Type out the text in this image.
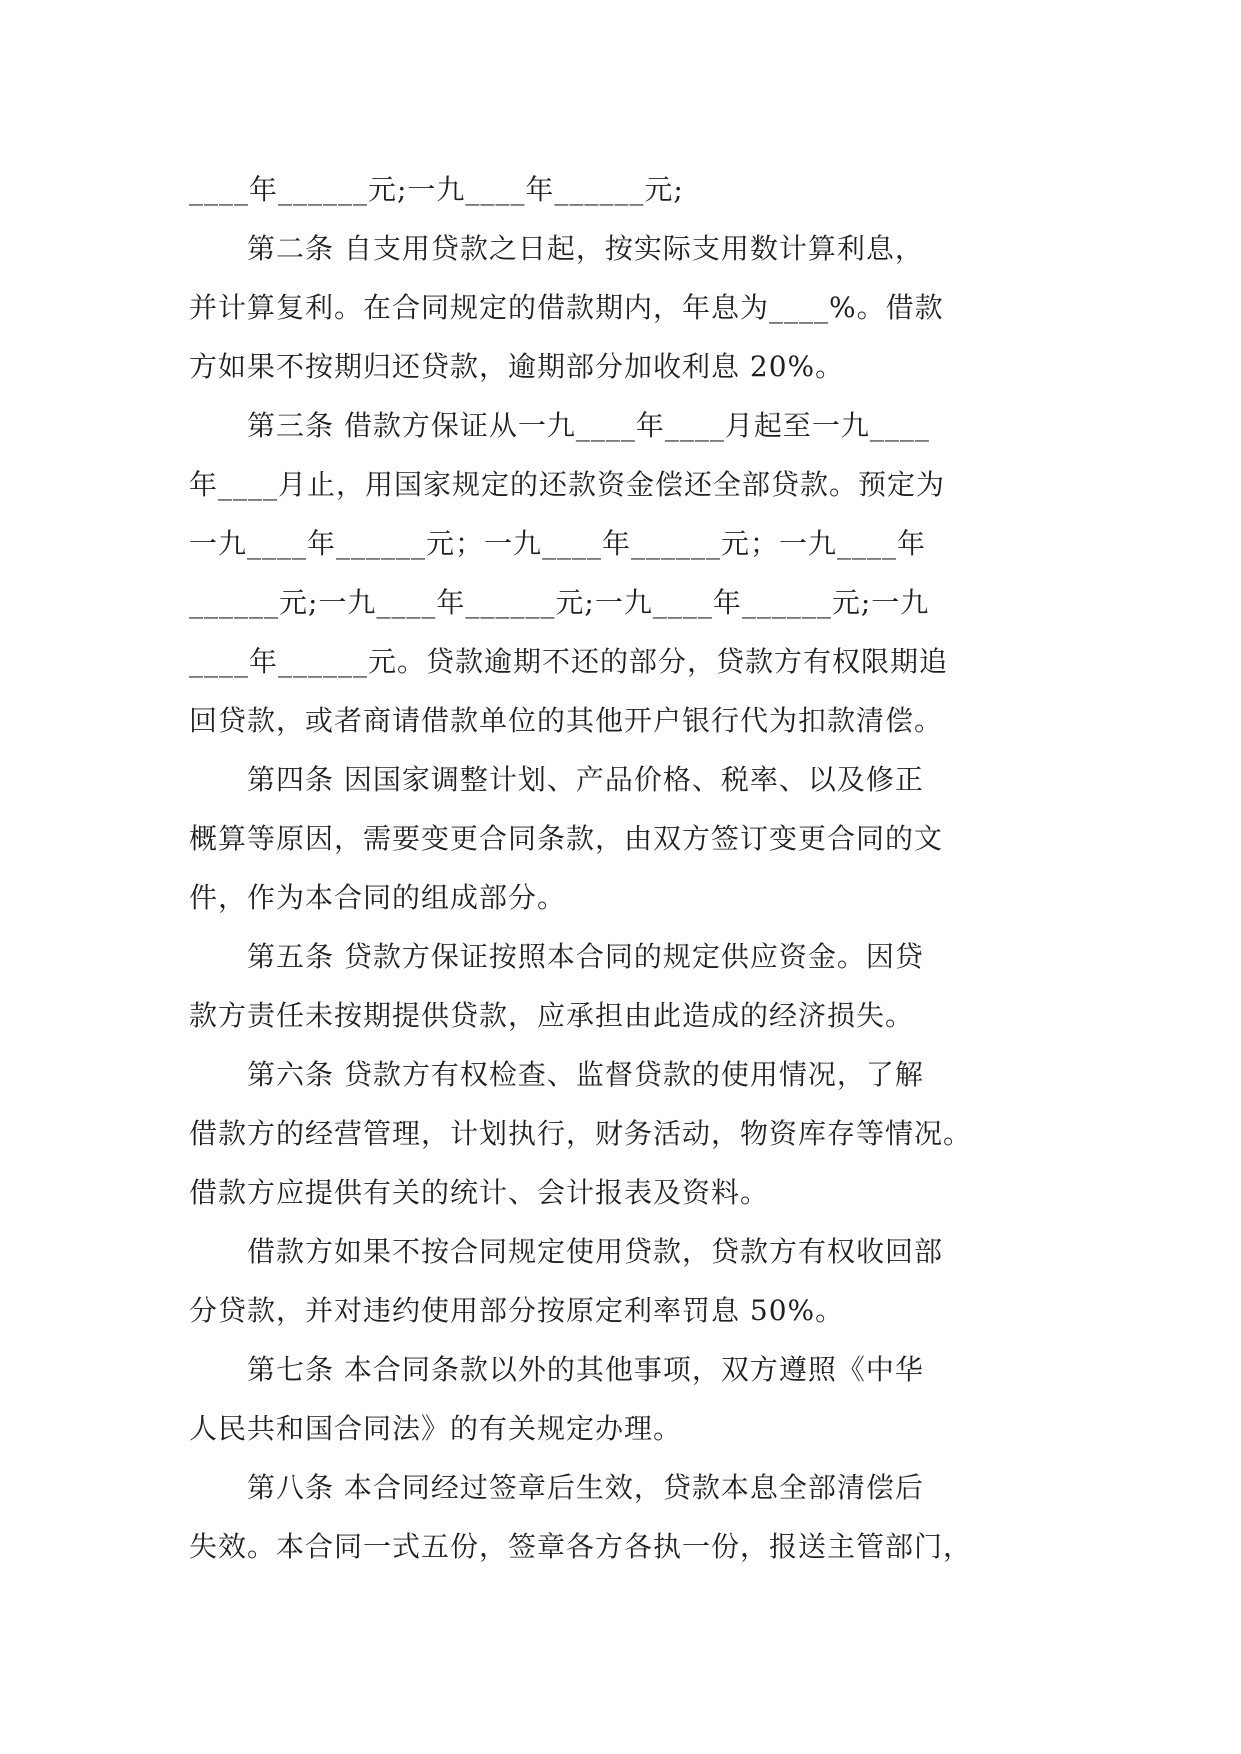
____年______元;一九____年______元;
　　第二条 自支用贷款之日起，按实际支用数计算利息，
并计算复利。在合同规定的借款期内，年息为____%。借款
方如果不按期归还贷款，逾期部分加收利息 20%。
　　第三条 借款方保证从一九____年____月起至一九____
年____月止，用国家规定的还款资金偿还全部贷款。预定为
一九____年______元；一九____年______元；一九____年
______元;一九____年______元;一九____年______元;一九
____年______元。贷款逾期不还的部分，贷款方有权限期追
回贷款，或者商请借款单位的其他开户银行代为扣款清偿。
　　第四条 因国家调整计划、产品价格、税率、以及修正
概算等原因，需要变更合同条款，由双方签订变更合同的文
件，作为本合同的组成部分。
　　第五条 贷款方保证按照本合同的规定供应资金。因贷
款方责任未按期提供贷款，应承担由此造成的经济损失。
　　第六条 贷款方有权检查、监督贷款的使用情况，了解
借款方的经营管理，计划执行，财务活动，物资库存等情况。
借款方应提供有关的统计、会计报表及资料。
　　借款方如果不按合同规定使用贷款，贷款方有权收回部
分贷款，并对违约使用部分按原定利率罚息 50%。
　　第七条 本合同条款以外的其他事项，双方遵照《中华
人民共和国合同法》的有关规定办理。
　　第八条 本合同经过签章后生效，贷款本息全部清偿后
失效。本合同一式五份，签章各方各执一份，报送主管部门，
